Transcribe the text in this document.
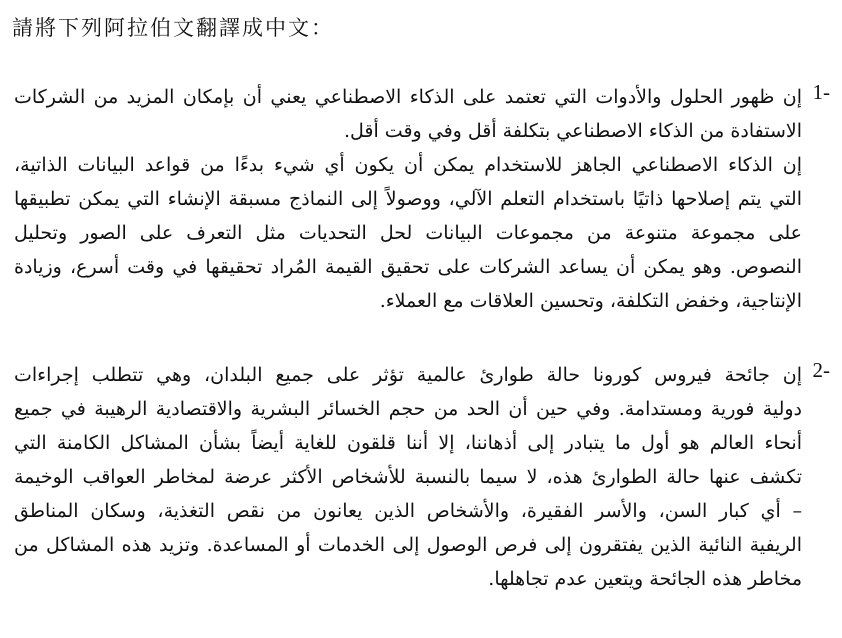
請將下列阿拉伯文翻譯成中文：
1-
إن ظهور الحلول والأدوات التي تعتمد على الذكاء الاصطناعي يعني أن بإمكان المزيد من الشركات
الاستفادة من الذكاء الاصطناعي بتكلفة أقل وفي وقت أقل.
إن الذكاء الاصطناعي الجاهز للاستخدام يمكن أن يكون أي شيء بدءًا من قواعد البيانات الذاتية،
التي يتم إصلاحها ذاتيًا باستخدام التعلم الآلي، ووصولاً إلى النماذج مسبقة الإنشاء التي يمكن تطبيقها
على مجموعة متنوعة من مجموعات البيانات لحل التحديات مثل التعرف على الصور وتحليل
النصوص. وهو يمكن أن يساعد الشركات على تحقيق القيمة المُراد تحقيقها في وقت أسرع، وزيادة
الإنتاجية، وخفض التكلفة، وتحسين العلاقات مع العملاء.
2-
إن جائحة فيروس كورونا حالة طوارئ عالمية تؤثر على جميع البلدان، وهي تتطلب إجراءات
دولية فورية ومستدامة. وفي حين أن الحد من حجم الخسائر البشرية والاقتصادية الرهيبة في جميع
أنحاء العالم هو أول ما يتبادر إلى أذهاننا، إلا أننا قلقون للغاية أيضاً بشأن المشاكل الكامنة التي
تكشف عنها حالة الطوارئ هذه، لا سيما بالنسبة للأشخاص الأكثر عرضة لمخاطر العواقب الوخيمة
– أي كبار السن، والأسر الفقيرة، والأشخاص الذين يعانون من نقص التغذية، وسكان المناطق
الريفية النائية الذين يفتقرون إلى فرص الوصول إلى الخدمات أو المساعدة. وتزيد هذه المشاكل من
مخاطر هذه الجائحة ويتعين عدم تجاهلها.
